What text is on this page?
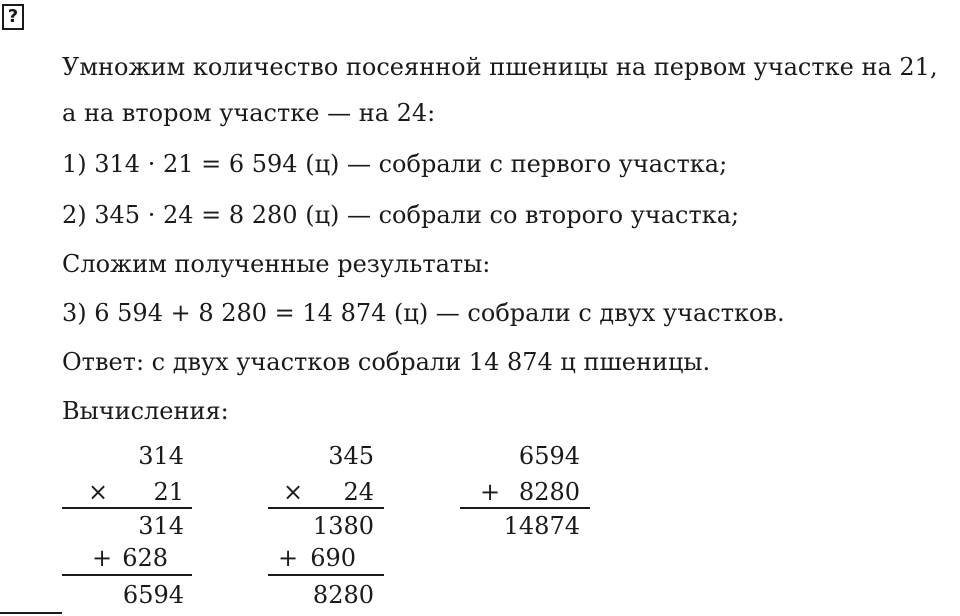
?
Умножим количество посеянной пшеницы на первом участке на 21,
а на втором участке — на 24:
1) 314 · 21 = 6 594 (ц) — собрали с первого участка;
2) 345 · 24 = 8 280 (ц) — собрали со второго участка;
Сложим полученные результаты:
3) 6 594 + 8 280 = 14 874 (ц) — собрали с двух участков.
Ответ: с двух участков собрали 14 874 ц пшеницы.
Вычисления:
314
×	21
314
+ 628
6594
345
×	24
1380
+ 690
8280
6594
+ 8280
14874
